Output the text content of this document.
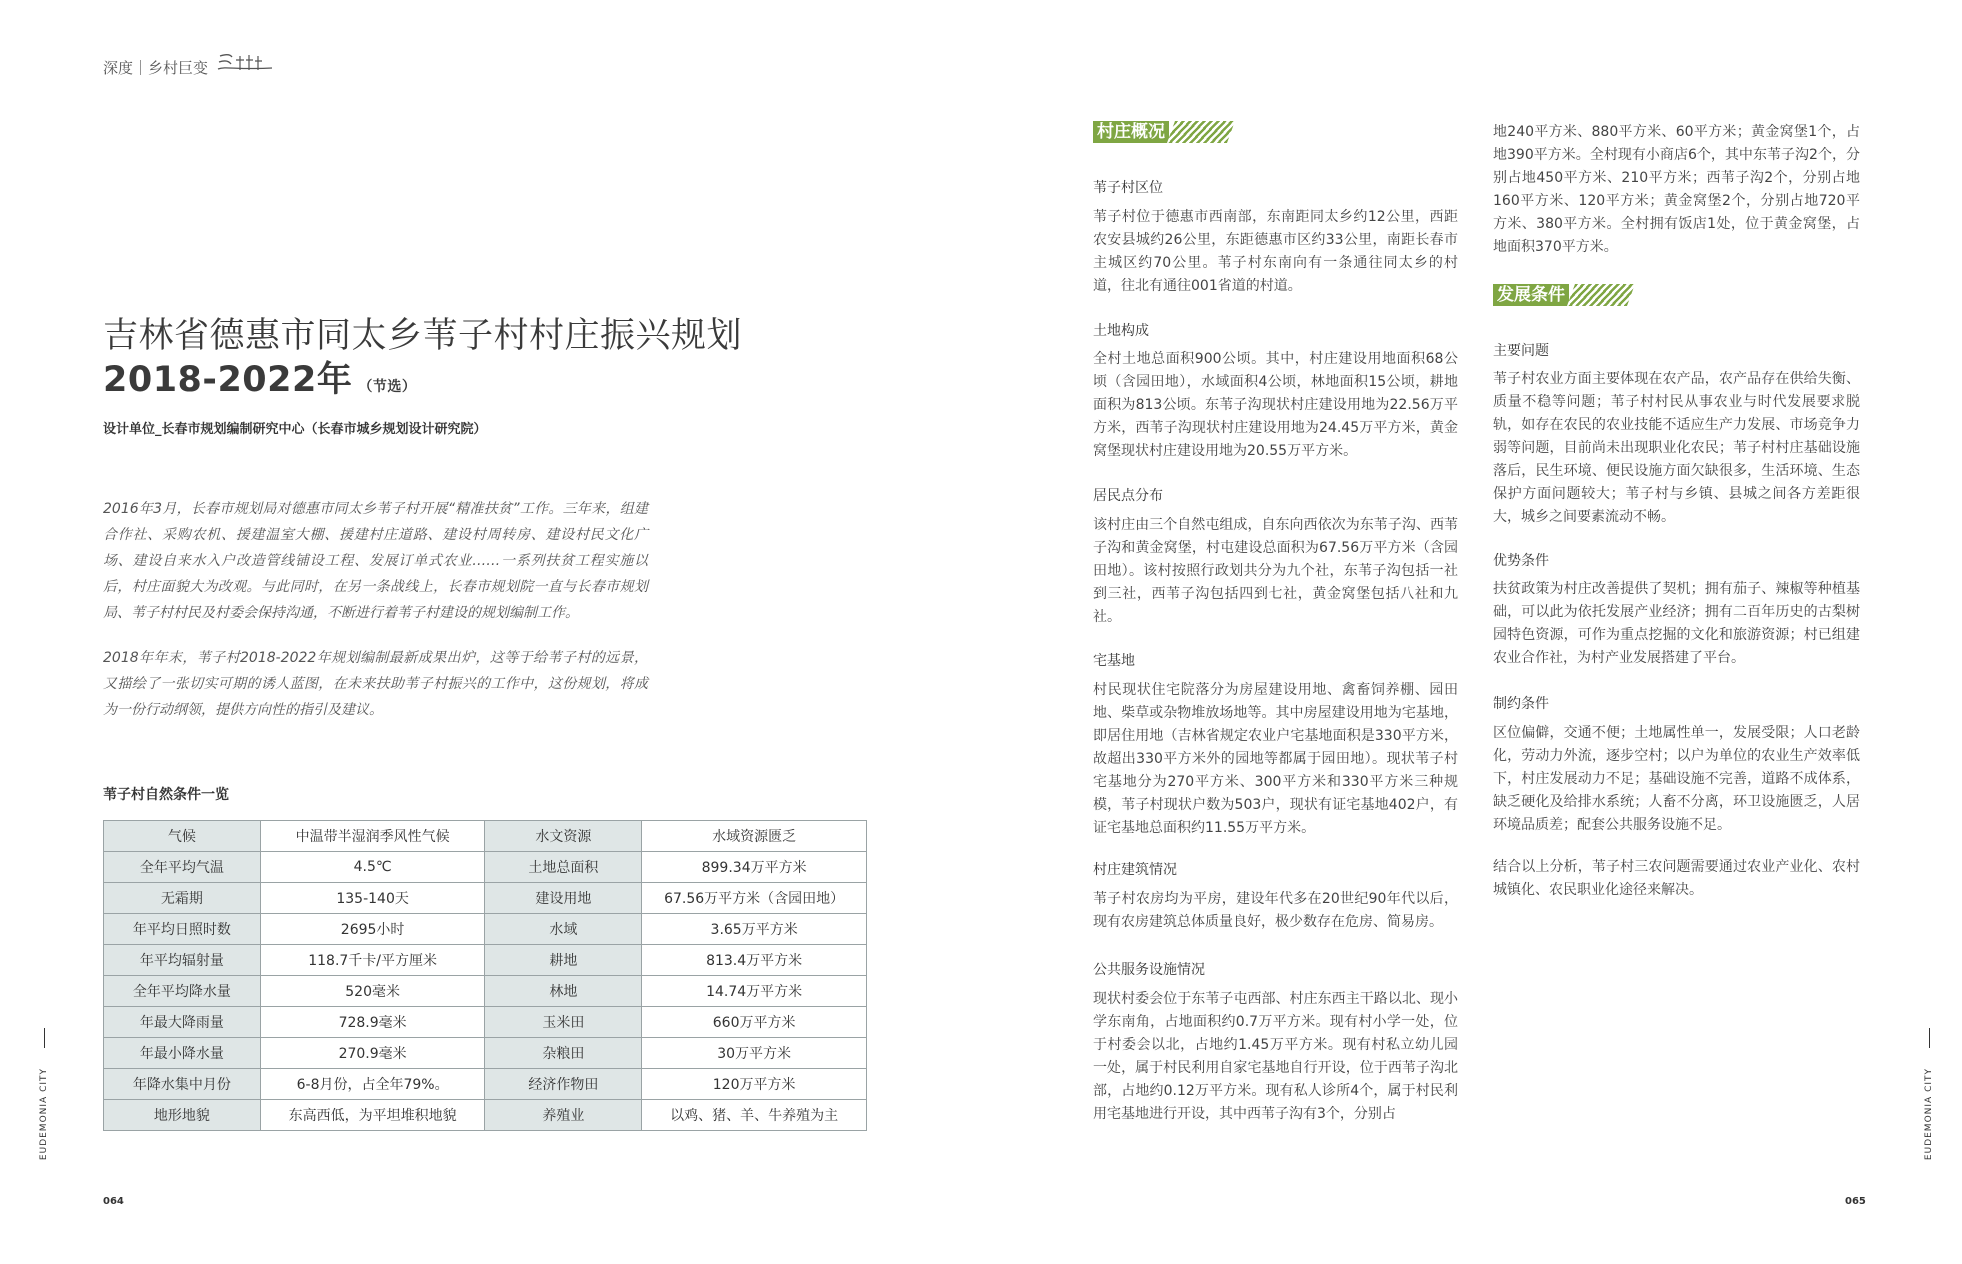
深度｜乡村巨变
吉林省德惠市同太乡苇子村村庄振兴规划
2018-2022年 （节选）
设计单位_长春市规划编制研究中心（长春市城乡规划设计研究院）
2016年3月，长春市规划局对德惠市同太乡苇子村开展“精准扶贫”工作。三年来，组建合作社、采购农机、援建温室大棚、援建村庄道路、建设村周转房、建设村民文化广场、建设自来水入户改造管线铺设工程、发展订单式农业……一系列扶贫工程实施以后，村庄面貌大为改观。与此同时，在另一条战线上，长春市规划院一直与长春市规划局、苇子村村民及村委会保持沟通，不断进行着苇子村建设的规划编制工作。
2018年年末，苇子村2018-2022年规划编制最新成果出炉，这等于给苇子村的远景，又描绘了一张切实可期的诱人蓝图，在未来扶助苇子村振兴的工作中，这份规划，将成为一份行动纲领，提供方向性的指引及建议。
苇子村自然条件一览
气候	中温带半湿润季风性气候	水文资源	水域资源匮乏
全年平均气温	4.5℃	土地总面积	899.34万平方米
无霜期	135-140天	建设用地	67.56万平方米（含园田地）
年平均日照时数	2695小时	水域	3.65万平方米
年平均辐射量	118.7千卡/平方厘米	耕地	813.4万平方米
全年平均降水量	520毫米	林地	14.74万平方米
年最大降雨量	728.9毫米	玉米田	660万平方米
年最小降水量	270.9毫米	杂粮田	30万平方米
年降水集中月份	6-8月份，占全年79%。	经济作物田	120万平方米
地形地貌	东高西低，为平坦堆积地貌	养殖业	以鸡、猪、羊、牛养殖为主
村庄概况
苇子村区位
苇子村位于德惠市西南部，东南距同太乡约12公里，西距农安县城约26公里，东距德惠市区约33公里，南距长春市主城区约70公里。苇子村东南向有一条通往同太乡的村道，往北有通往001省道的村道。
土地构成
全村土地总面积900公顷。其中，村庄建设用地面积68公顷（含园田地），水域面积4公顷，林地面积15公顷，耕地面积为813公顷。东苇子沟现状村庄建设用地为22.56万平方米，西苇子沟现状村庄建设用地为24.45万平方米，黄金窝堡现状村庄建设用地为20.55万平方米。
居民点分布
该村庄由三个自然屯组成，自东向西依次为东苇子沟、西苇子沟和黄金窝堡，村屯建设总面积为67.56万平方米（含园田地）。该村按照行政划共分为九个社，东苇子沟包括一社到三社，西苇子沟包括四到七社，黄金窝堡包括八社和九社。
宅基地
村民现状住宅院落分为房屋建设用地、禽畜饲养棚、园田地、柴草或杂物堆放场地等。其中房屋建设用地为宅基地，即居住用地（吉林省规定农业户宅基地面积是330平方米，故超出330平方米外的园地等都属于园田地）。现状苇子村宅基地分为270平方米、300平方米和330平方米三种规模，苇子村现状户数为503户，现状有证宅基地402户，有证宅基地总面积约11.55万平方米。
村庄建筑情况
苇子村农房均为平房，建设年代多在20世纪90年代以后，现有农房建筑总体质量良好，极少数存在危房、简易房。
公共服务设施情况
现状村委会位于东苇子屯西部、村庄东西主干路以北、现小学东南角，占地面积约0.7万平方米。现有村小学一处，位于村委会以北，占地约1.45万平方米。现有村私立幼儿园一处，属于村民利用自家宅基地自行开设，位于西苇子沟北部，占地约0.12万平方米。现有私人诊所4个，属于村民利用宅基地进行开设，其中西苇子沟有3个，分别占
地240平方米、880平方米、60平方米；黄金窝堡1个，占地390平方米。全村现有小商店6个，其中东苇子沟2个，分别占地450平方米、210平方米；西苇子沟2个，分别占地160平方米、120平方米；黄金窝堡2个，分别占地720平方米、380平方米。全村拥有饭店1处，位于黄金窝堡，占地面积370平方米。
发展条件
主要问题
苇子村农业方面主要体现在农产品，农产品存在供给失衡、质量不稳等问题；苇子村村民从事农业与时代发展要求脱轨，如存在农民的农业技能不适应生产力发展、市场竞争力弱等问题，目前尚未出现职业化农民；苇子村村庄基础设施落后，民生环境、便民设施方面欠缺很多，生活环境、生态保护方面问题较大；苇子村与乡镇、县城之间各方差距很大，城乡之间要素流动不畅。
优势条件
扶贫政策为村庄改善提供了契机；拥有茄子、辣椒等种植基础，可以此为依托发展产业经济；拥有二百年历史的古梨树园特色资源，可作为重点挖掘的文化和旅游资源；村已组建农业合作社，为村产业发展搭建了平台。
制约条件
区位偏僻，交通不便；土地属性单一，发展受限；人口老龄化，劳动力外流，逐步空村；以户为单位的农业生产效率低下，村庄发展动力不足；基础设施不完善，道路不成体系，缺乏硬化及给排水系统；人畜不分离，环卫设施匮乏，人居环境品质差；配套公共服务设施不足。
结合以上分析，苇子村三农问题需要通过农业产业化、农村城镇化、农民职业化途径来解决。
EUDEMONIA CITY	EUDEMONIA CITY
064	065
